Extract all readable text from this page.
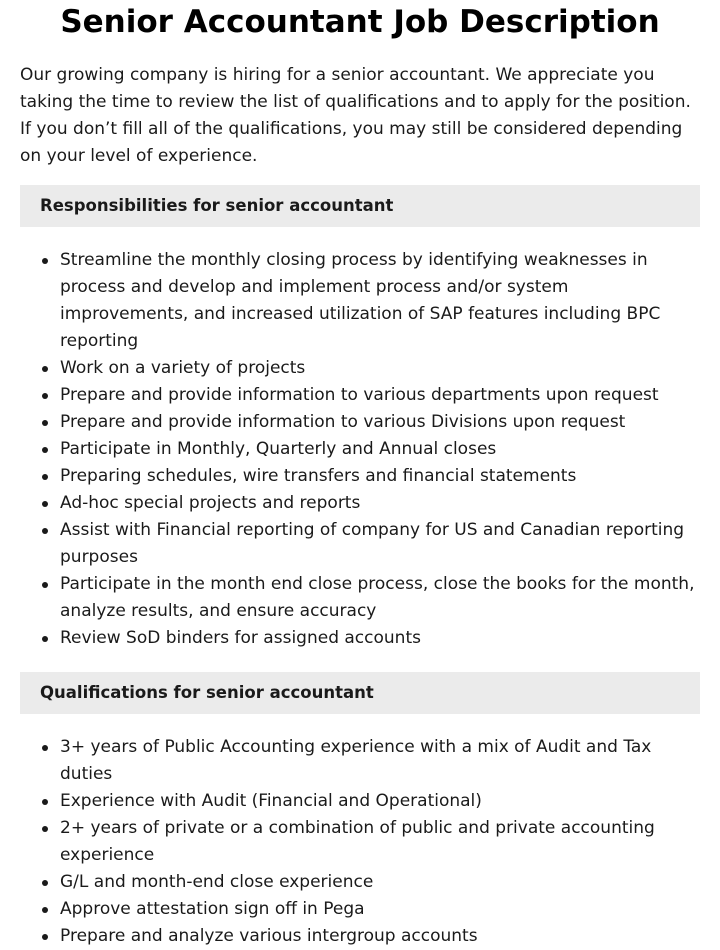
Senior Accountant Job Description

Our growing company is hiring for a senior accountant. We appreciate you taking the time to review the list of qualifications and to apply for the position. If you don’t fill all of the qualifications, you may still be considered depending on your level of experience.

Responsibilities for senior accountant
Streamline the monthly closing process by identifying weaknesses in process and develop and implement process and/or system improvements, and increased utilization of SAP features including BPC reporting
Work on a variety of projects
Prepare and provide information to various departments upon request
Prepare and provide information to various Divisions upon request
Participate in Monthly, Quarterly and Annual closes
Preparing schedules, wire transfers and financial statements
Ad-hoc special projects and reports
Assist with Financial reporting of company for US and Canadian reporting purposes
Participate in the month end close process, close the books for the month, analyze results, and ensure accuracy
Review SoD binders for assigned accounts
Qualifications for senior accountant
3+ years of Public Accounting experience with a mix of Audit and Tax duties
Experience with Audit (Financial and Operational)
2+ years of private or a combination of public and private accounting experience
G/L and month-end close experience
Approve attestation sign off in Pega
Prepare and analyze various intergroup accounts
